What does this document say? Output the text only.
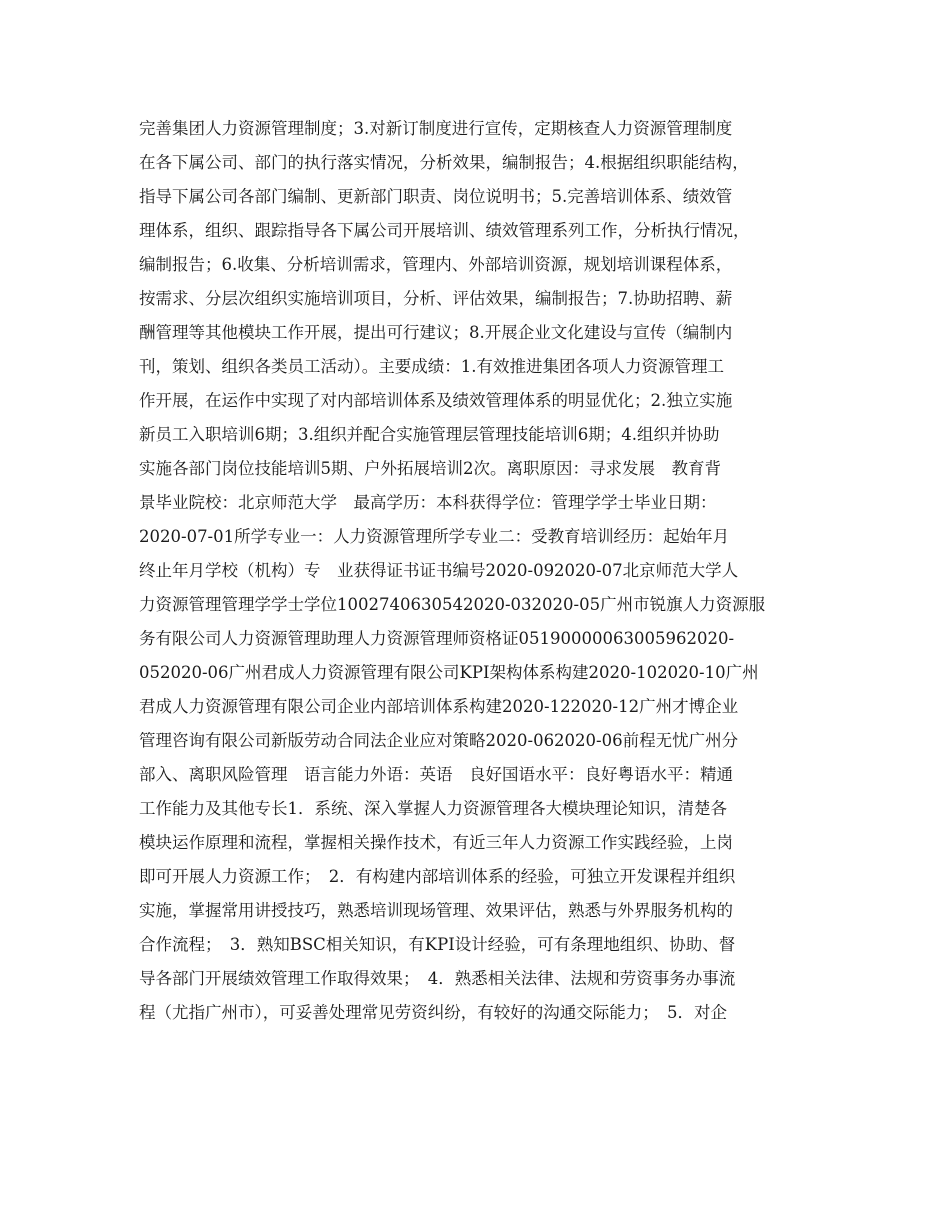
完善集团人力资源管理制度；3.对新订制度进行宣传，定期核查人力资源管理制度
在各下属公司、部门的执行落实情况，分析效果，编制报告；4.根据组织职能结构，
指导下属公司各部门编制、更新部门职责、岗位说明书；5.完善培训体系、绩效管
理体系，组织、跟踪指导各下属公司开展培训、绩效管理系列工作，分析执行情况，
编制报告；6.收集、分析培训需求，管理内、外部培训资源，规划培训课程体系，
按需求、分层次组织实施培训项目，分析、评估效果，编制报告；7.协助招聘、薪
酬管理等其他模块工作开展，提出可行建议；8.开展企业文化建设与宣传（编制内
刊，策划、组织各类员工活动）。主要成绩：1.有效推进集团各项人力资源管理工
作开展，在运作中实现了对内部培训体系及绩效管理体系的明显优化；2.独立实施
新员工入职培训6期；3.组织并配合实施管理层管理技能培训6期；4.组织并协助
实施各部门岗位技能培训5期、户外拓展培训2次。离职原因：寻求发展　教育背
景毕业院校：北京师范大学　最高学历：本科获得学位：管理学学士毕业日期：
2020-07-01所学专业一：人力资源管理所学专业二：受教育培训经历：起始年月
终止年月学校（机构）专　业获得证书证书编号2020-092020-07北京师范大学人
力资源管理管理学学士学位1002740630542020-032020-05广州市锐旗人力资源服
务有限公司人力资源管理助理人力资源管理师资格证05190000063005962020-
052020-06广州君成人力资源管理有限公司KPI架构体系构建2020-102020-10广州
君成人力资源管理有限公司企业内部培训体系构建2020-122020-12广州才博企业
管理咨询有限公司新版劳动合同法企业应对策略2020-062020-06前程无忧广州分
部入、离职风险管理　语言能力外语：英语　良好国语水平：良好粤语水平：精通
工作能力及其他专长1．系统、深入掌握人力资源管理各大模块理论知识，清楚各
模块运作原理和流程，掌握相关操作技术，有近三年人力资源工作实践经验，上岗
即可开展人力资源工作；　2．有构建内部培训体系的经验，可独立开发课程并组织
实施，掌握常用讲授技巧，熟悉培训现场管理、效果评估，熟悉与外界服务机构的
合作流程；　3．熟知BSC相关知识，有KPI设计经验，可有条理地组织、协助、督
导各部门开展绩效管理工作取得效果；　4．熟悉相关法律、法规和劳资事务办事流
程（尤指广州市），可妥善处理常见劳资纠纷，有较好的沟通交际能力；　5．对企
